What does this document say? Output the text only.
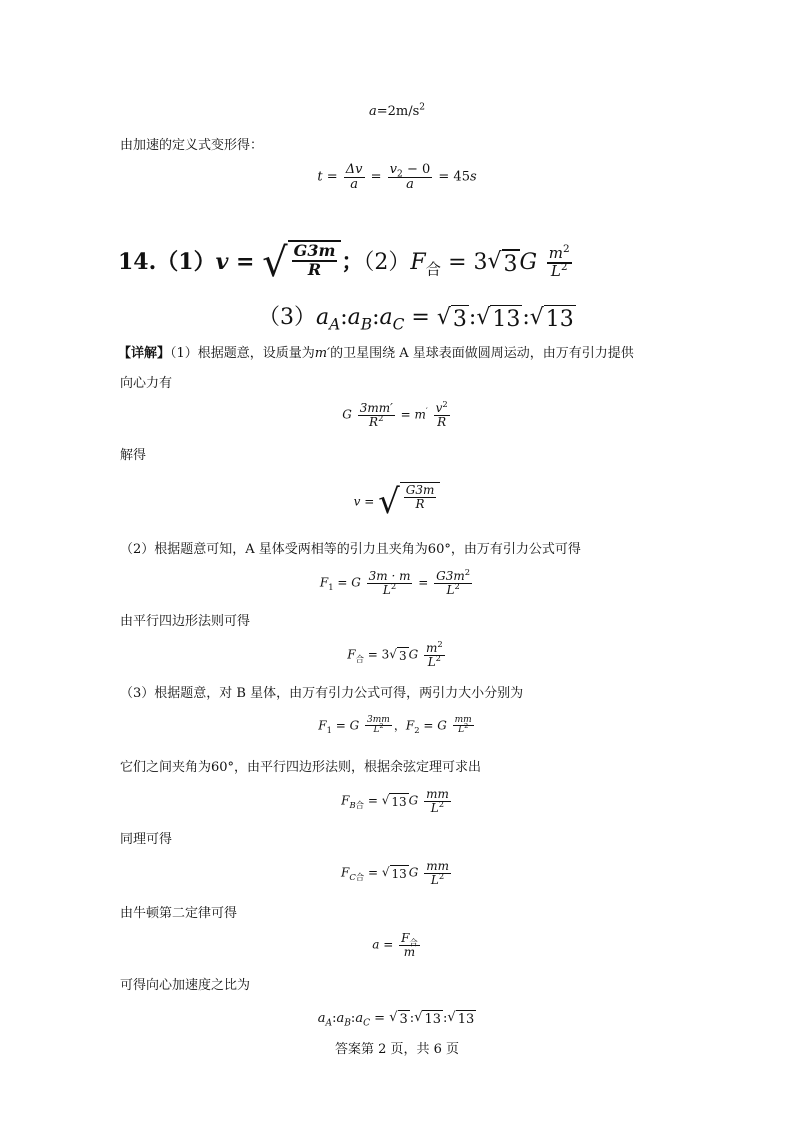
$a=2m/s^2$
由加速的定义式变形得：
$t = \frac{\Delta v}{a} = \frac{v_2 - 0}{a} = 45s$
14.（1）v = √ $\frac{G3m}{R}$ ；$(2)F_合 = 3$ √ 3 G $\frac{m^2}{L^2}$
$(3)a_A:a_B:a_C$ = √ 3 : √ 13 : √ 13
【详解】（1）根据题意，设质量为m′的卫星围绕 A 星球表面做圆周运动，由万有引力提供
向心力有
G $\frac{3mm'}{R^2} = m' \frac{v^2}{R}$
解得
v = √ $\frac{G3m}{R}$
（2）根据题意可知，A 星体受两相等的引力且夹角为60°，由万有引力公式可得
$F_1 = G \frac{3m \cdot m}{L^2} = \frac{G3m^2}{L^2}$
由平行四边形法则可得
$F_合 = 3$ √ 3 G $\frac{m^2}{L^2}$
（3）根据题意，对 B 星体，由万有引力公式可得，两引力大小分别为
$F_1 = G \frac{3mm}{L^2}$ ，$F_2 = G \frac{mm}{L^2}$
它们之间夹角为60°，由平行四边形法则，根据余弦定理可求出
$F_{B合}$ = √ 13 G $\frac{mm}{L^2}$
同理可得
$F_{C合}$ = √ 13 G $\frac{mm}{L^2}$
由牛顿第二定律可得
$a = \frac{F_合}{m}$
可得向心加速度之比为
$a_A:a_B:a_C$ = √ 3 : √ 13 : √ 13
答案第 2 页，共 6 页
